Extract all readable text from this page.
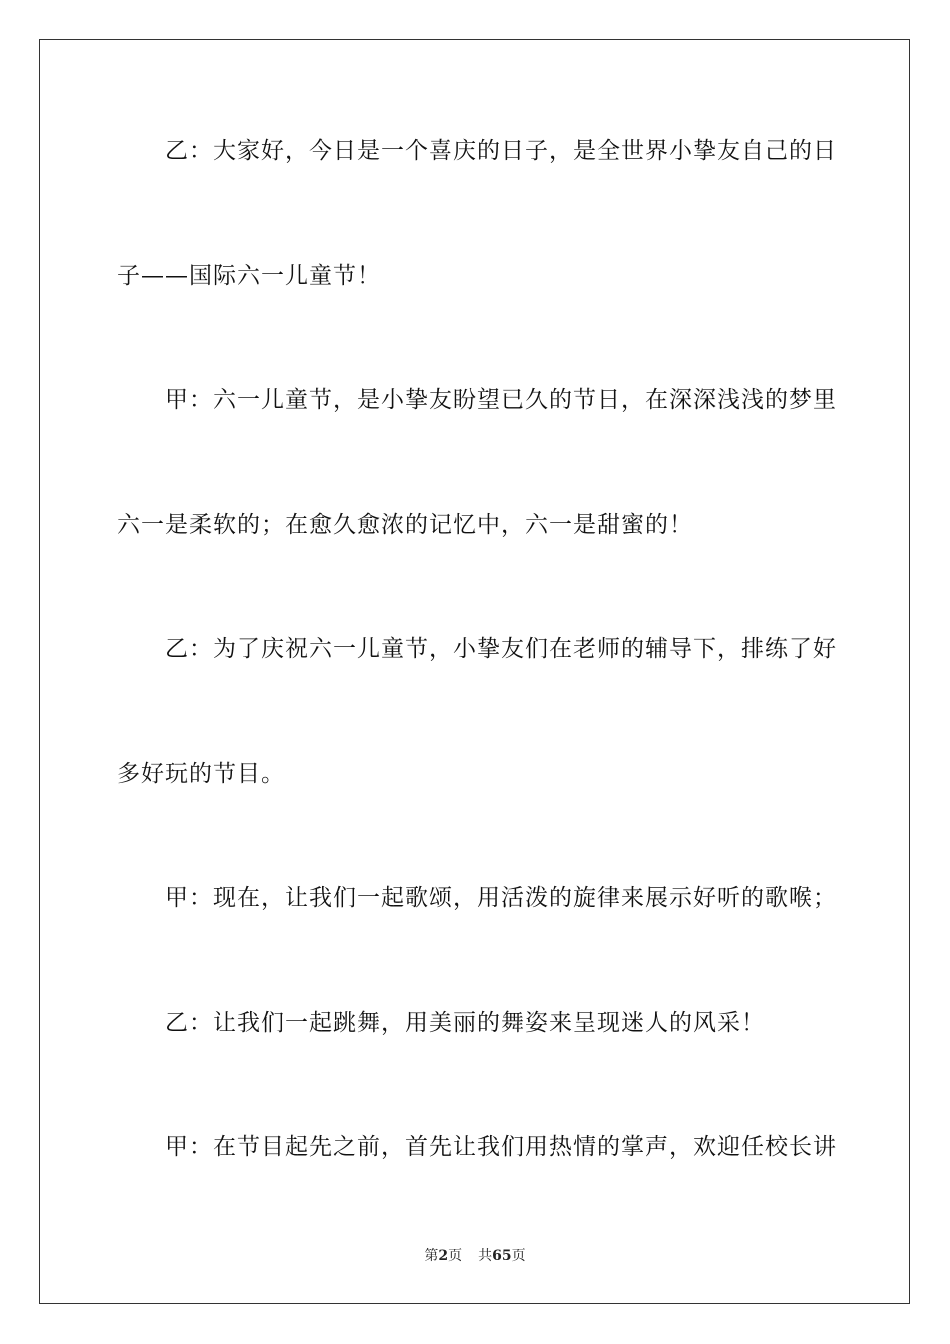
乙：大家好，今日是一个喜庆的日子，是全世界小挚友自己的日
子——国际六一儿童节！
甲：六一儿童节，是小挚友盼望已久的节日，在深深浅浅的梦里
六一是柔软的；在愈久愈浓的记忆中，六一是甜蜜的！
乙：为了庆祝六一儿童节，小挚友们在老师的辅导下，排练了好
多好玩的节目。
甲：现在，让我们一起歌颂，用活泼的旋律来展示好听的歌喉；
乙：让我们一起跳舞，用美丽的舞姿来呈现迷人的风采！
甲：在节目起先之前，首先让我们用热情的掌声，欢迎任校长讲
第2页 共65页
